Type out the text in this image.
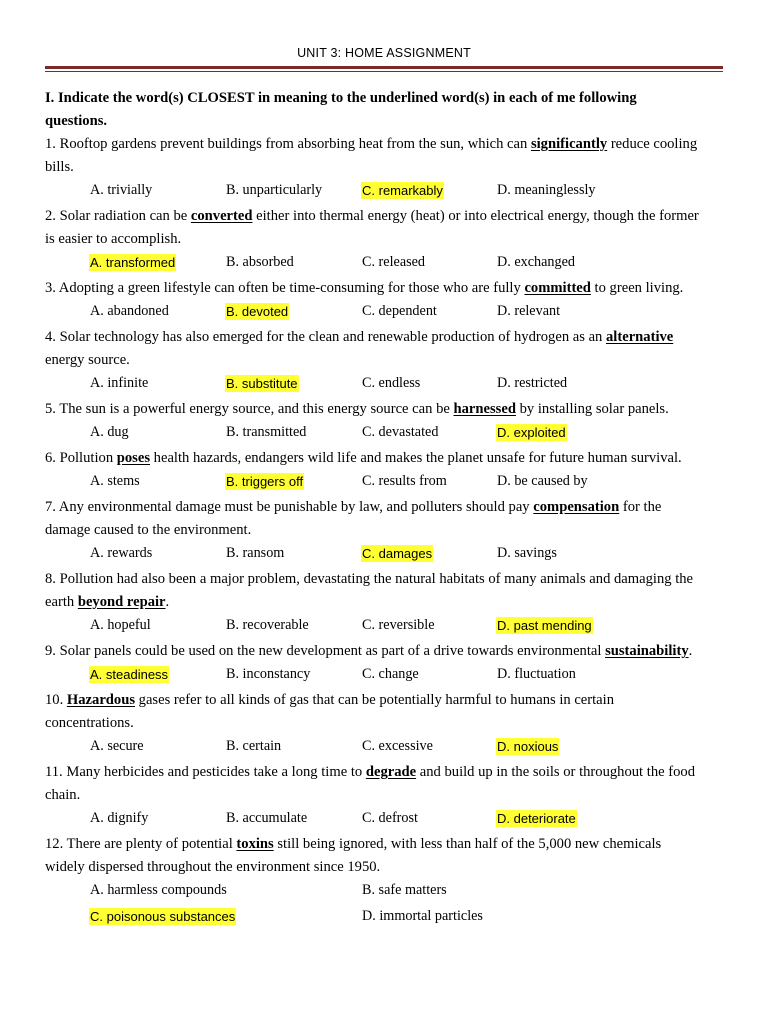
UNIT 3: HOME ASSIGNMENT
I. Indicate the word(s) CLOSEST in meaning to the underlined word(s) in each of me following
questions.
1. Rooftop gardens prevent buildings from absorbing heat from the sun, which can significantly reduce cooling
bills.
A. trivially	B. unparticularly	C. remarkably	D. meaninglessly
2. Solar radiation can be converted either into thermal energy (heat) or into electrical energy, though the former
is easier to accomplish.
A. transformed	B. absorbed	C. released	D. exchanged
3. Adopting a green lifestyle can often be time-consuming for those who are fully committed to green living.
A. abandoned	B. devoted	C. dependent	D. relevant
4. Solar technology has also emerged for the clean and renewable production of hydrogen as an alternative
energy source.
A. infinite	B. substitute	C. endless	D. restricted
5. The sun is a powerful energy source, and this energy source can be harnessed by installing solar panels.
A. dug	B. transmitted	C. devastated	D. exploited
6. Pollution poses health hazards, endangers wild life and makes the planet unsafe for future human survival.
A. stems	B. triggers off	C. results from	D. be caused by
7. Any environmental damage must be punishable by law, and polluters should pay compensation for the
damage caused to the environment.
A. rewards	B. ransom	C. damages	D. savings
8. Pollution had also been a major problem, devastating the natural habitats of many animals and damaging the
earth beyond repair.
A. hopeful	B. recoverable	C. reversible	D. past mending
9. Solar panels could be used on the new development as part of a drive towards environmental sustainability.
A. steadiness	B. inconstancy	C. change	D. fluctuation
10. Hazardous gases refer to all kinds of gas that can be potentially harmful to humans in certain
concentrations.
A. secure	B. certain	C. excessive	D. noxious
11. Many herbicides and pesticides take a long time to degrade and build up in the soils or throughout the food
chain.
A. dignify	B. accumulate	C. defrost	D. deteriorate
12. There are plenty of potential toxins still being ignored, with less than half of the 5,000 new chemicals
widely dispersed throughout the environment since 1950.
A. harmless compounds	B. safe matters
C. poisonous substances	D. immortal particles
